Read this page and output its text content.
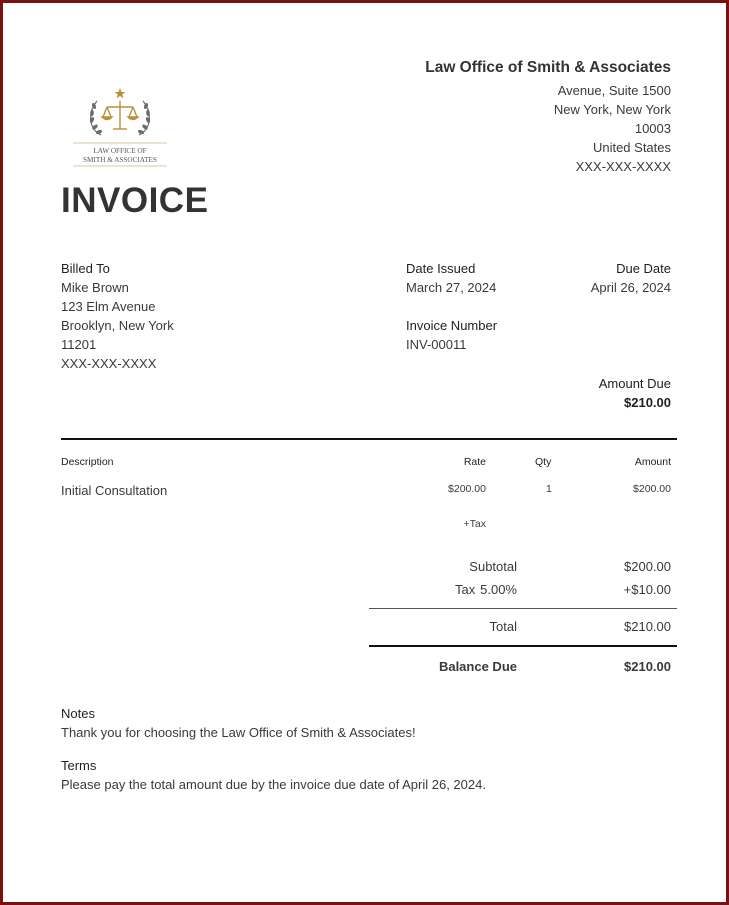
Law Office of Smith & Associates
Avenue, Suite 1500
New York, New York
10003
United States
XXX-XXX-XXXX
LAW OFFICE OF
SMITH & ASSOCIATES
INVOICE
Billed To
Mike Brown
123 Elm Avenue
Brooklyn, New York
11201
XXX-XXX-XXXX
Date Issued
March 27, 2024
Due Date
April 26, 2024
Invoice Number
INV-00011
Amount Due
$210.00
Description	Rate	Qty	Amount
Initial Consultation	$200.00	1	$200.00
+Tax
Subtotal	$200.00
Tax 5.00%	+$10.00
Total	$210.00
Balance Due	$210.00
Notes
Thank you for choosing the Law Office of Smith & Associates!
Terms
Please pay the total amount due by the invoice due date of April 26, 2024.
